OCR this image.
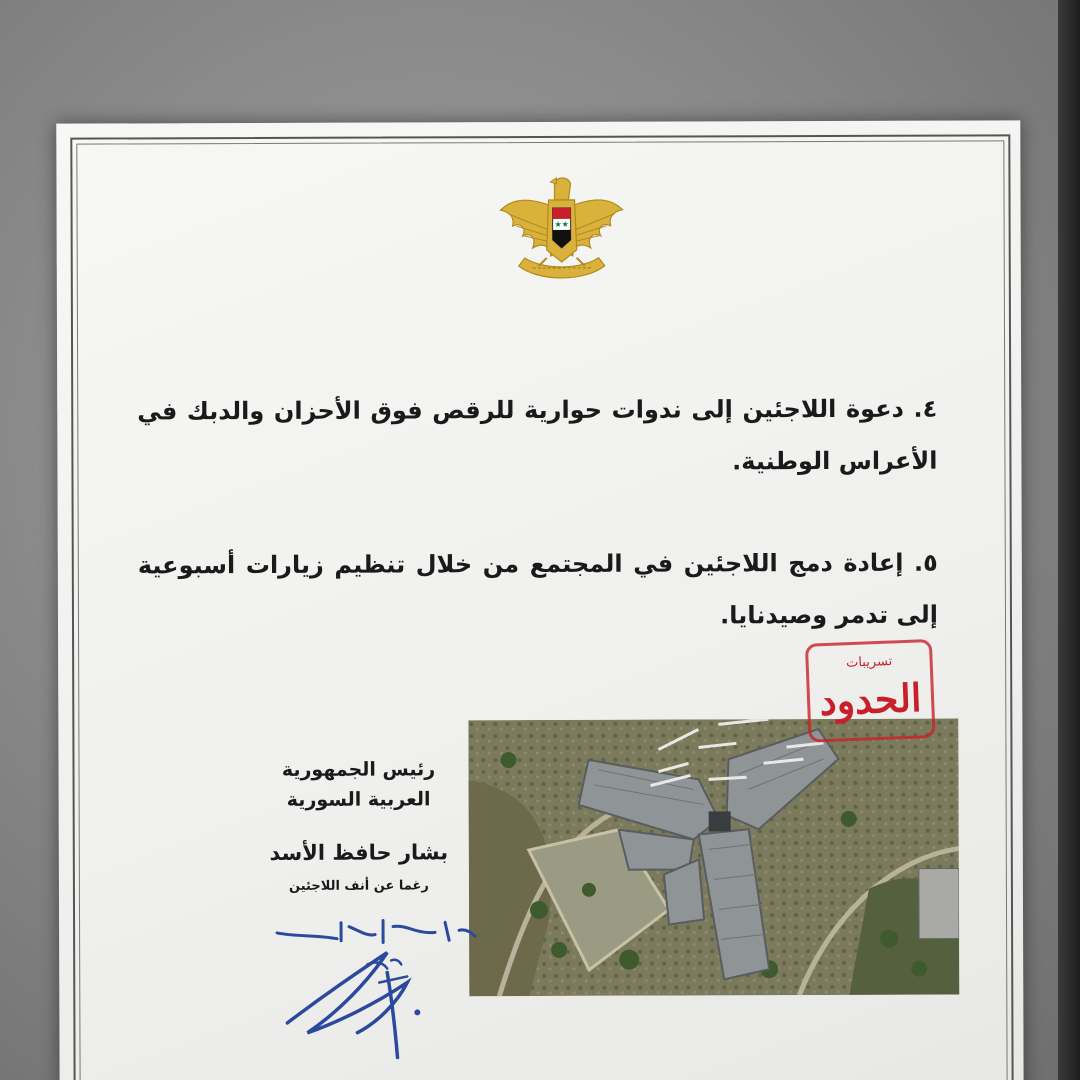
★★
٤. دعوة اللاجئين إلى ندوات حوارية للرقص فوق الأحزان والدبك في الأعراس الوطنية.
٥. إعادة دمج اللاجئين في المجتمع من خلال تنظيم زيارات أسبوعية إلى تدمر وصيدنايا.
تسريبات
الحدود
رئيس الجمهورية
العربية السورية
بشار حافظ الأسد
رغما عن أنف اللاجئين
